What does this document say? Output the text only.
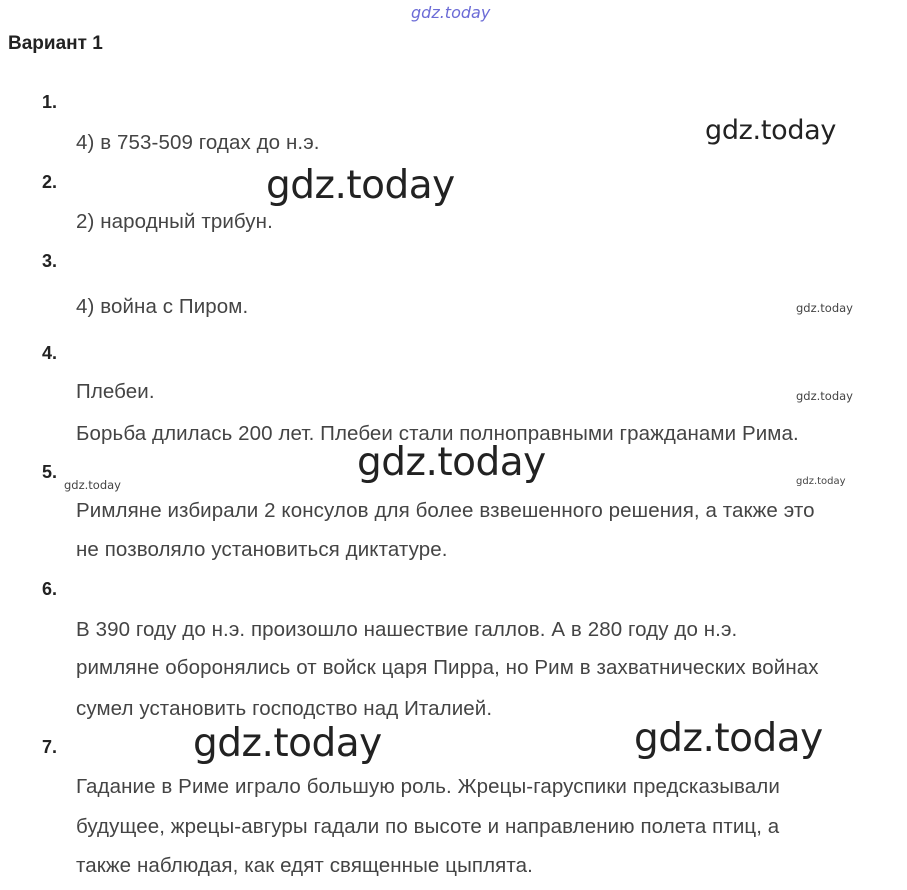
gdz.today
gdz.today
gdz.today
gdz.today
gdz.today
gdz.today
gdz.today	gdz.today
gdz.today	gdz.today
Вариант 1
1.
4) в 753-509 годах до н.э.
2.
2) народный трибун.
3.
4) война с Пиром.
4.
Плебеи.
Борьба длилась 200 лет. Плебеи стали полноправными гражданами Рима.
5.
Римляне избирали 2 консулов для более взвешенного решения, а также это
не позволяло установиться диктатуре.
6.
В 390 году до н.э. произошло нашествие галлов. А в 280 году до н.э.
римляне оборонялись от войск царя Пирра, но Рим в захватнических войнах
сумел установить господство над Италией.
7.
Гадание в Риме играло большую роль. Жрецы-гаруспики предсказывали
будущее, жрецы-авгуры гадали по высоте и направлению полета птиц, а
также наблюдая, как едят священные цыплята.
